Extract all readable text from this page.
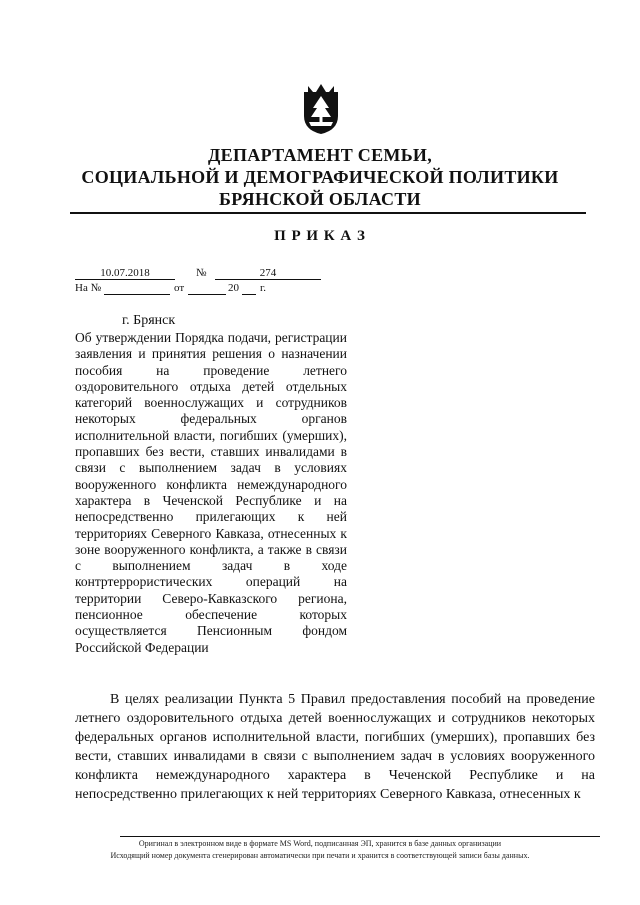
ДЕПАРТАМЕНТ СЕМЬИ,
СОЦИАЛЬНОЙ И ДЕМОГРАФИЧЕСКОЙ ПОЛИТИКИ
БРЯНСКОЙ ОБЛАСТИ
П Р И К А З
10.07.2018	№	274
На №	от	20 г.
г. Брянск

Об утверждении Порядка подачи, регистрации заявления и принятия решения о назначении пособия на проведение летнего оздоровительного отдыха детей отдельных категорий военнослужащих и сотрудников некоторых федеральных органов исполнительной власти, погибших (умерших), пропавших без вести, ставших инвалидами в связи с выполнением задач в условиях вооруженного конфликта немеждународного характера в Чеченской Республике и на непосредственно прилегающих к ней территориях Северного Кавказа, отнесенных к зоне вооруженного конфликта, а также в связи с выполнением задач в ходе контртеррористических операций на территории Северо-Кавказского региона, пенсионное обеспечение которых осуществляется Пенсионным фондом Российской Федерации

В целях реализации Пункта 5 Правил предоставления пособий на проведение летнего оздоровительного отдыха детей военнослужащих и сотрудников некоторых федеральных органов исполнительной власти, погибших (умерших), пропавших без вести, ставших инвалидами в связи с выполнением задач в условиях вооруженного конфликта немеждународного характера в Чеченской Республике и на непосредственно прилегающих к ней территориях Северного Кавказа, отнесенных к
Оригинал в электронном виде в формате MS Word, подписанная ЭП, хранится в базе данных организации
Исходящий номер документа сгенерирован автоматически при печати и хранится в соответствующей записи базы данных.
